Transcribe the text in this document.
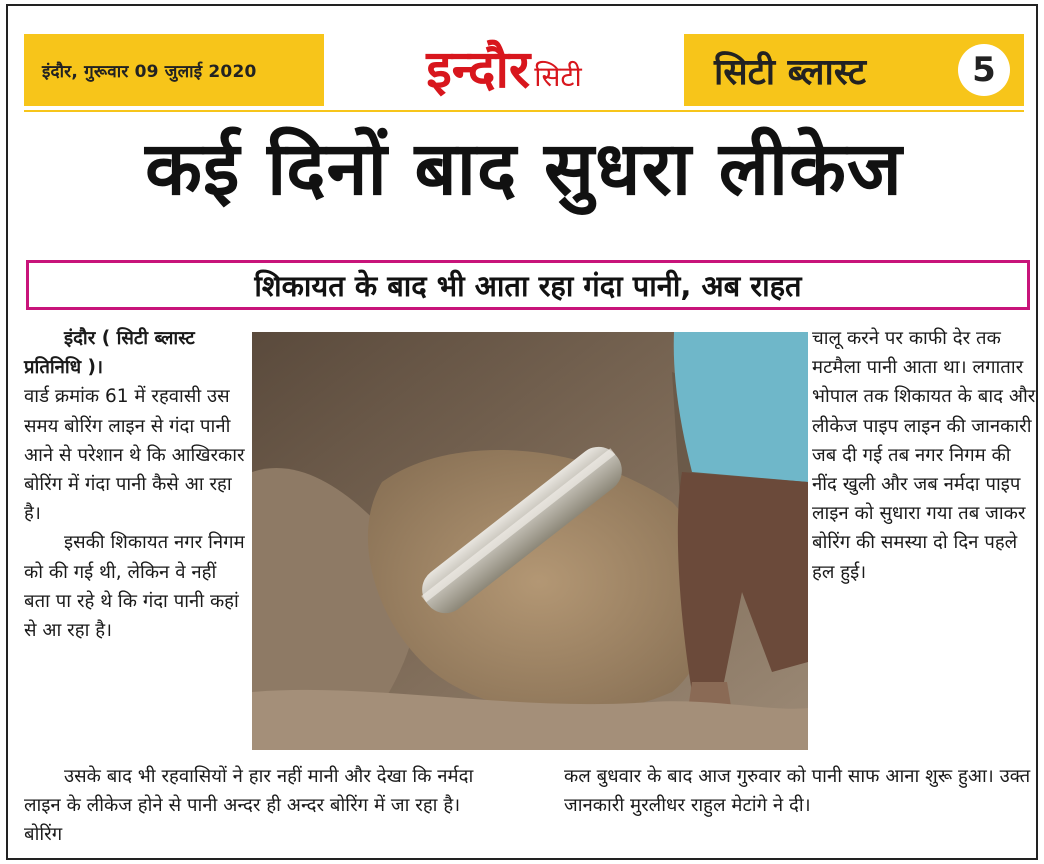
इंदौर, गुरूवार 09 जुलाई 2020	इन्दौर सिटी	सिटी ब्लास्ट	5
कई दिनों बाद सुधरा लीकेज
शिकायत के बाद भी आता रहा गंदा पानी, अब राहत

इंदौर ( सिटी ब्लास्ट प्रतिनिधि )।

वार्ड क्रमांक 61 में रहवासी उस समय बोरिंग लाइन से गंदा पानी आने से परेशान थे कि आखिरकार बोरिंग में गंदा पानी कैसे आ रहा है।

इसकी शिकायत नगर निगम को की गई थी, लेकिन वे नहीं बता पा रहे थे कि गंदा पानी कहां से आ रहा है।

चालू करने पर काफी देर तक मटमैला पानी आता था। लगातार भोपाल तक शिकायत के बाद और लीकेज पाइप लाइन की जानकारी जब दी गई तब नगर निगम की नींद खुली और जब नर्मदा पाइप लाइन को सुधारा गया तब जाकर बोरिंग की समस्या दो दिन पहले हल हुई।

उसके बाद भी रहवासियों ने हार नहीं मानी और देखा कि नर्मदा लाइन के लीकेज होने से पानी अन्दर ही अन्दर बोरिंग में जा रहा है। बोरिंग

कल बुधवार के बाद आज गुरुवार को पानी साफ आना शुरू हुआ। उक्त जानकारी मुरलीधर राहुल मेटांगे ने दी।
